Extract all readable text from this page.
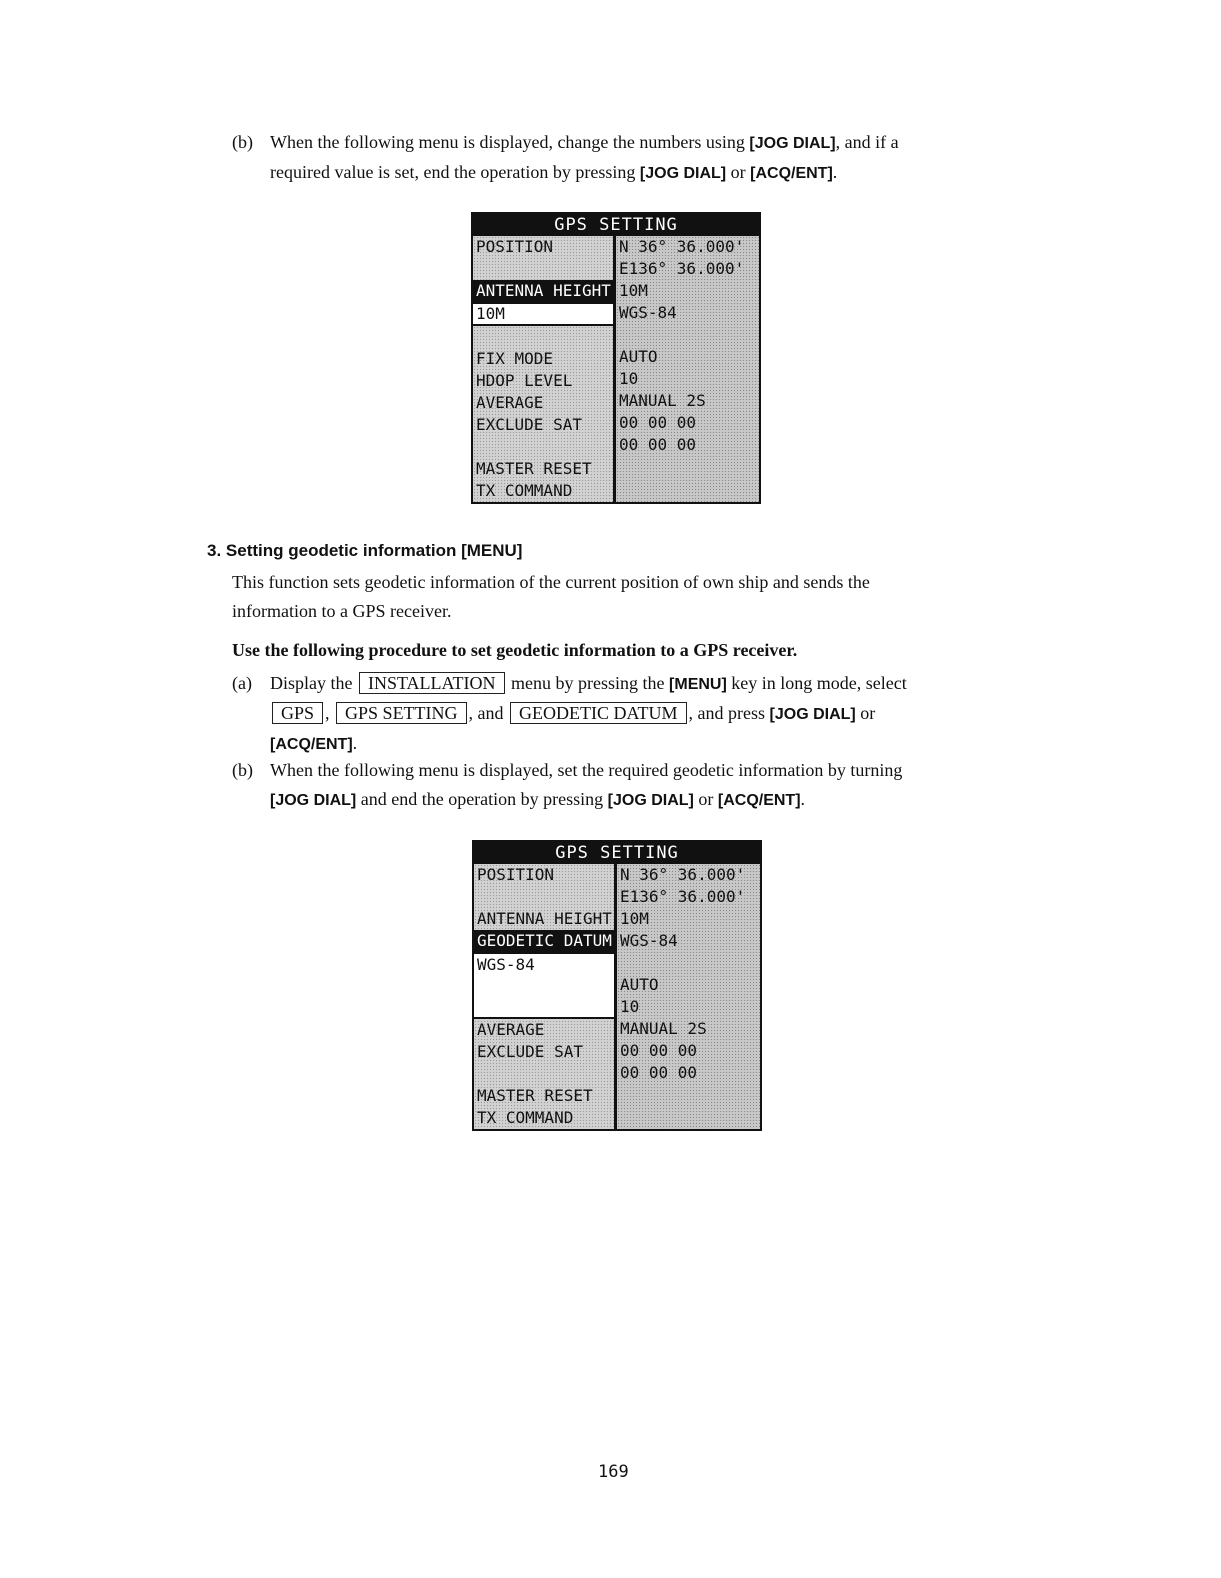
(b) When the following menu is displayed, change the numbers using [JOG DIAL], and if a
required value is set, end the operation by pressing [JOG DIAL] or [ACQ/ENT].
GPS SETTING
POSITION
ANTENNA HEIGHT
10M
FIX MODE
HDOP LEVEL
AVERAGE
EXCLUDE SAT
MASTER RESET
TX COMMAND
N 36° 36.000'
E136° 36.000'
10M
WGS-84
AUTO
10
MANUAL 2S
00 00 00
00 00 00
3. Setting geodetic information [MENU]
This function sets geodetic information of the current position of own ship and sends the
information to a GPS receiver.
Use the following procedure to set geodetic information to a GPS receiver.
(a)	Display the INSTALLATION menu by pressing the [MENU] key in long mode, select
GPS , GPS SETTING , and GEODETIC DATUM , and press [JOG DIAL] or
[ACQ/ENT].
(b) When the following menu is displayed, set the required geodetic information by turning
[JOG DIAL] and end the operation by pressing [JOG DIAL] or [ACQ/ENT].
GPS SETTING
POSITION
ANTENNA HEIGHT
GEODETIC DATUM
WGS-84
AVERAGE
EXCLUDE SAT
MASTER RESET
TX COMMAND
N 36° 36.000'
E136° 36.000'
10M
WGS-84
AUTO
10
MANUAL 2S
00 00 00
00 00 00
169
